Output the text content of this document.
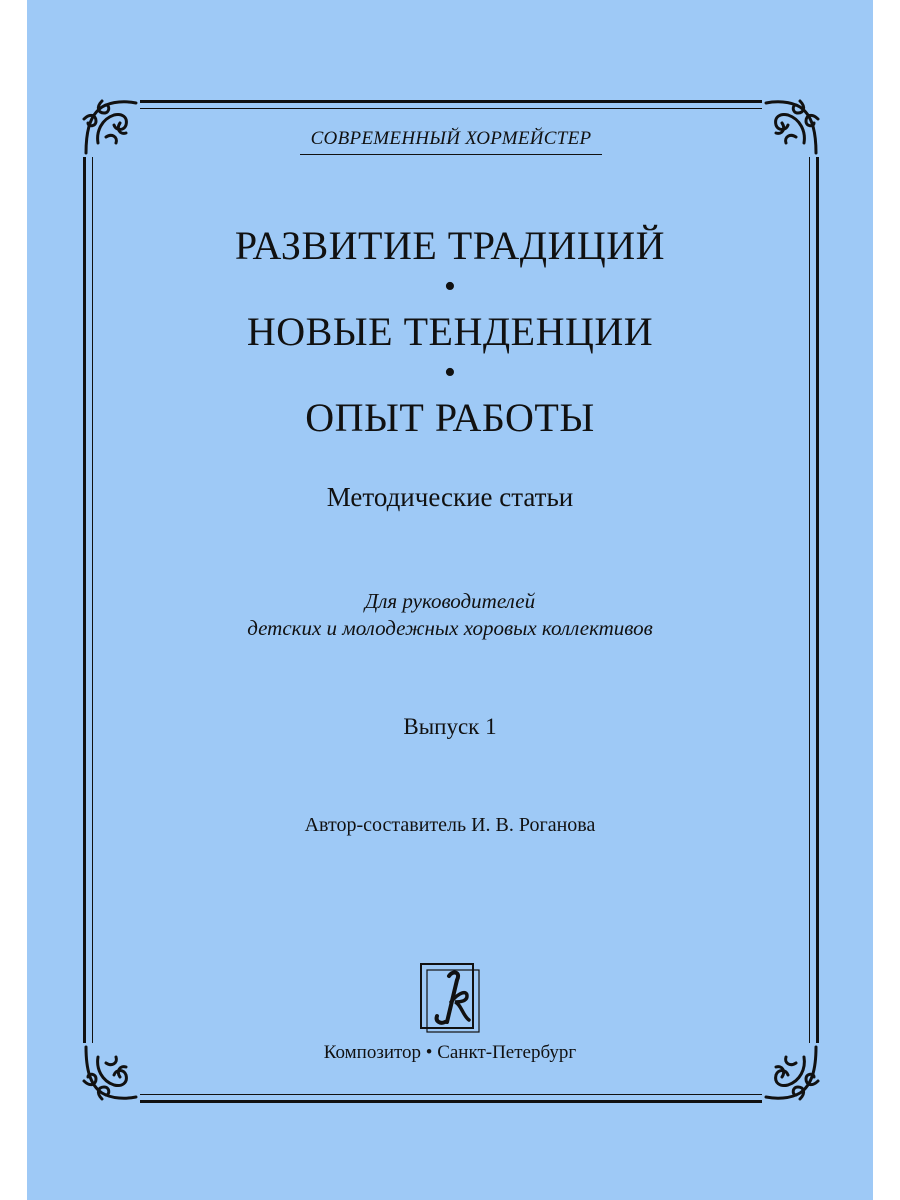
СОВРЕМЕННЫЙ ХОРМЕЙСТЕР
РАЗВИТИЕ ТРАДИЦИЙ
•
НОВЫЕ ТЕНДЕНЦИИ
•
ОПЫТ РАБОТЫ
Методические статьи
Для руководителей
детских и молодежных хоровых коллективов
Выпуск 1
Автор-составитель И. В. Роганова
Композитор • Санкт-Петербург
